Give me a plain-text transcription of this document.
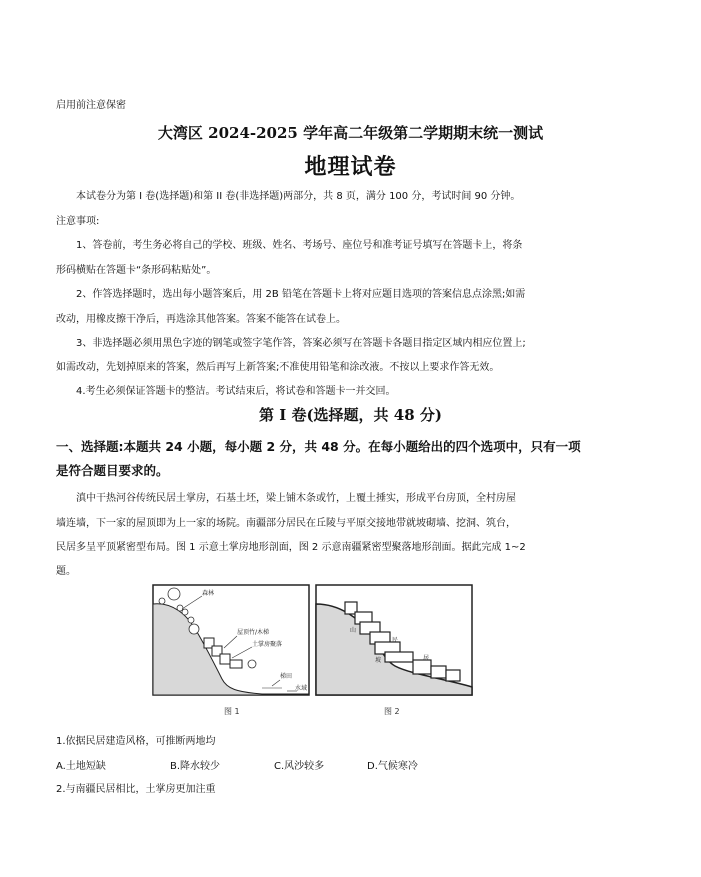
启用前注意保密
大湾区 2024-2025 学年高二年级第二学期期末统一测试
地理试卷
本试卷分为第 I 卷(选择题)和第 II 卷(非选择题)两部分，共 8 页，满分 100 分，考试时间 90 分钟。
注意事项:
1、答卷前，考生务必将自己的学校、班级、姓名、考场号、座位号和准考证号填写在答题卡上，将条
形码横贴在答题卡“条形码粘贴处”。
2、作答选择题时，选出每小题答案后，用 2B 铅笔在答题卡上将对应题目选项的答案信息点涂黑;如需
改动，用橡皮擦干净后，再选涂其他答案。答案不能答在试卷上。
3、非选择题必须用黑色字迹的钢笔或签字笔作答，答案必须写在答题卡各题目指定区域内相应位置上;
如需改动，先划掉原来的答案，然后再写上新答案;不准使用铅笔和涂改液。不按以上要求作答无效。
4.考生必须保证答题卡的整洁。考试结束后，将试卷和答题卡一并交回。
第 I 卷(选择题，共 48 分)
一、选择题:本题共 24 小题，每小题 2 分，共 48 分。在每小题给出的四个选项中，只有一项
是符合题目要求的。
滇中干热河谷传统民居土掌房，石基土坯，梁上铺木条或竹，上覆土捶实，形成平台房顶，全村房屋
墙连墙，下一家的屋顶即为上一家的场院。南疆部分居民在丘陵与平原交接地带就坡砌墙、挖洞、筑台，
民居多呈平顶紧密型布局。图 1 示意土掌房地形剖面，图 2 示意南疆紧密型聚落地形剖面。据此完成 1~2
题。
森林
屋顶竹/木梯
土掌房聚落
梯田
水域
图 1
山
坡
民
居
图 2
1.依据民居建造风格，可推断两地均
A.土地短缺	B.降水较少	C.风沙较多	D.气候寒冷
2.与南疆民居相比，土掌房更加注重
